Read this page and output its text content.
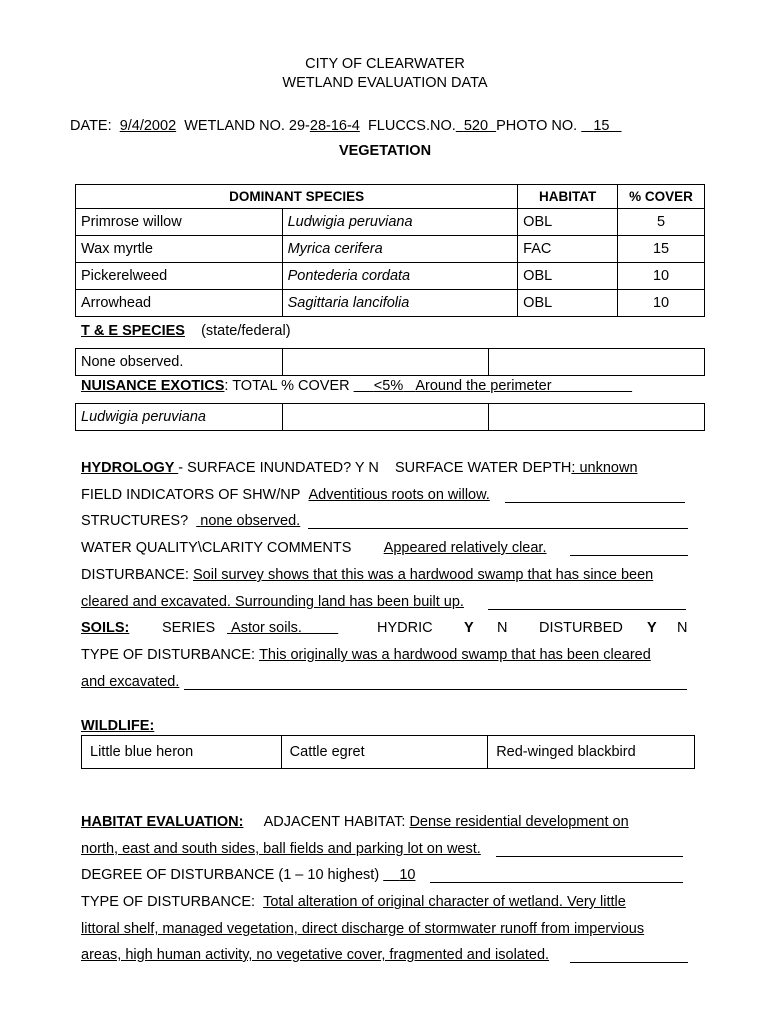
CITY OF CLEARWATER
WETLAND EVALUATION DATA
DATE: 9/4/2002 WETLAND NO. 29-28-16-4 FLUCCS.NO. 520 PHOTO NO. 15
VEGETATION
DOMINANT SPECIES		HABITAT	% COVER
Primrose willow	Ludwigia peruviana	OBL	5
Wax myrtle	Myrica cerifera	FAC	15
Pickerelweed	Pontederia cordata	OBL	10
Arrowhead	Sagittaria lancifolia	OBL	10
T & E SPECIES (state/federal)
None observed.		
NUISANCE EXOTICS: TOTAL % COVER <5% Around the perimeter
Ludwigia peruviana		
HYDROLOGY - SURFACE INUNDATED? Y N SURFACE WATER DEPTH: unknown
FIELD INDICATORS OF SHW/NP Adventitious roots on willow.
STRUCTURES? none observed.
WATER QUALITY\CLARITY COMMENTS Appeared relatively clear.
DISTURBANCE: Soil survey shows that this was a hardwood swamp that has since been
cleared and excavated. Surrounding land has been built up.
SOILS: SERIES Astor soils.	HYDRIC Y N DISTURBED Y N
TYPE OF DISTURBANCE: This originally was a hardwood swamp that has been cleared
and excavated.
WILDLIFE:
Little blue heron	Cattle egret	Red-winged blackbird
HABITAT EVALUATION: ADJACENT HABITAT: Dense residential development on
north, east and south sides, ball fields and parking lot on west.
DEGREE OF DISTURBANCE (1 – 10 highest) 10
TYPE OF DISTURBANCE: Total alteration of original character of wetland. Very little
littoral shelf, managed vegetation, direct discharge of stormwater runoff from impervious
areas, high human activity, no vegetative cover, fragmented and isolated.
